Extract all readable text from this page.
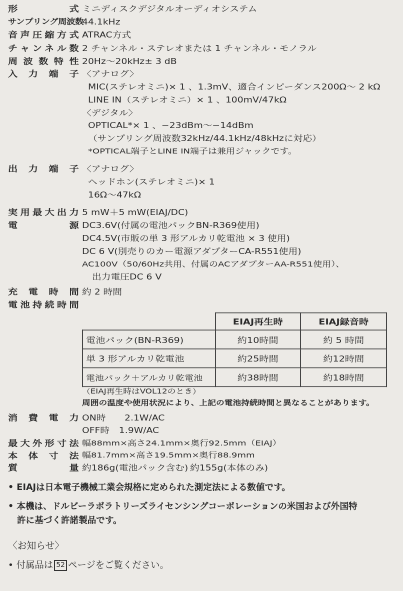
形　　　式 ミニディスクデジタルオーディオシステム
サンプリング周波数
44.1kHz
音声圧縮方式 ATRAC方式
チャンネル数 2 チャンネル・ステレオまたは 1 チャンネル・モノラル
周波数特性 20Hz〜20kHz± 3 dB
入　力　端　子 〈アナログ〉
MIC(ステレオミニ)× 1 、1.3mV、適合インピーダンス200Ω〜 2 kΩ
LINE IN（ステレオミニ）× 1 、100mV/47kΩ
〈デジタル〉
OPTICAL*× 1 、−23dBm〜−14dBm
（サンプリング周波数32kHz/44.1kHz/48kHzに対応）
*OPTICAL端子とLINE IN端子は兼用ジャックです。
出　力　端　子 〈アナログ〉
ヘッドホン(ステレオミニ)× 1
16Ω〜47kΩ
実用最大出力 5 mW＋5 mW(EIAJ/DC)
電　　　　源 DC3.6V(付属の電池パックBN-R369使用)
DC4.5V(市販の単 3 形アルカリ乾電池 × 3 使用)
DC 6 V(別売りのカー電源アダプターCA-R551使用)
AC100V（50/60Hz共用、付属のACアダプターAA-R551使用）、
出力電圧DC 6 V
充 電 時 間 約 2 時間
電池持続時間
	EIAJ再生時	EIAJ録音時
電池パック(BN-R369)	約10時間	約 5 時間
単 3 形アルカリ乾電池	約25時間	約12時間
電池パック＋アルカリ乾電池	約38時間	約18時間
（EIAJ再生時はVOL12のとき）
周囲の温度や使用状況により、上記の電池持続時間と異なることがあります。
消 費 電 力 ON時　　2.1W/AC
OFF時　1.9W/AC
最大外形寸法 幅88mm×高さ24.1mm×奥行92.5mm（EIAJ）
本 体 寸 法 幅81.7mm×高さ19.5mm×奥行88.9mm
質　　　量 約186g(電池パック含む) 約155g(本体のみ)
• EIAJは日本電子機械工業会規格に定められた測定法による数値です。
• 本機は、ドルビーラボラトリーズライセンシングコーポレーションの米国および外国特
許に基づく許諾製品です。
〈お知らせ〉
• 付属品は 52 ページをご覧ください。
